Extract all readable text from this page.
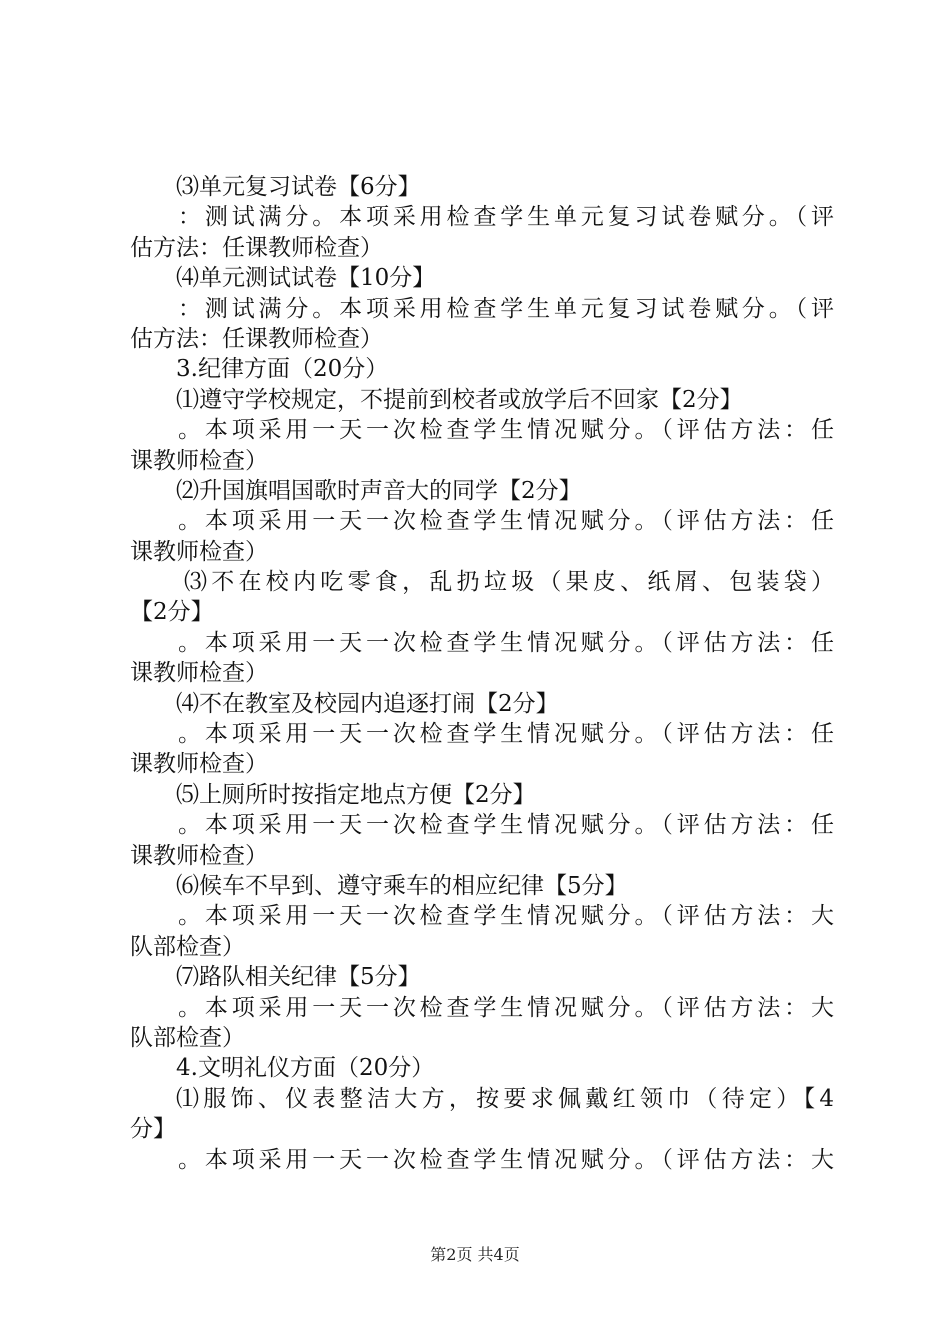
⑶单元复习试卷【6分】
：测试满分。本项采用检查学生单元复习试卷赋分。（评
估方法：任课教师检查）
⑷单元测试试卷【10分】
：测试满分。本项采用检查学生单元复习试卷赋分。（评
估方法：任课教师检查）
3.纪律方面（20分）
⑴遵守学校规定，不提前到校者或放学后不回家【2分】
。本项采用一天一次检查学生情况赋分。（评估方法：任
课教师检查）
⑵升国旗唱国歌时声音大的同学【2分】
。本项采用一天一次检查学生情况赋分。（评估方法：任
课教师检查）
⑶不在校内吃零食，乱扔垃圾（果皮、纸屑、包装袋）
【2分】
。本项采用一天一次检查学生情况赋分。（评估方法：任
课教师检查）
⑷不在教室及校园内追逐打闹【2分】
。本项采用一天一次检查学生情况赋分。（评估方法：任
课教师检查）
⑸上厕所时按指定地点方便【2分】
。本项采用一天一次检查学生情况赋分。（评估方法：任
课教师检查）
⑹候车不早到、遵守乘车的相应纪律【5分】
。本项采用一天一次检查学生情况赋分。（评估方法：大
队部检查）
⑺路队相关纪律【5分】
。本项采用一天一次检查学生情况赋分。（评估方法：大
队部检查）
4.文明礼仪方面（20分）
⑴服饰、仪表整洁大方，按要求佩戴红领巾（待定）【4
分】
。本项采用一天一次检查学生情况赋分。（评估方法：大
第2页 共4页
